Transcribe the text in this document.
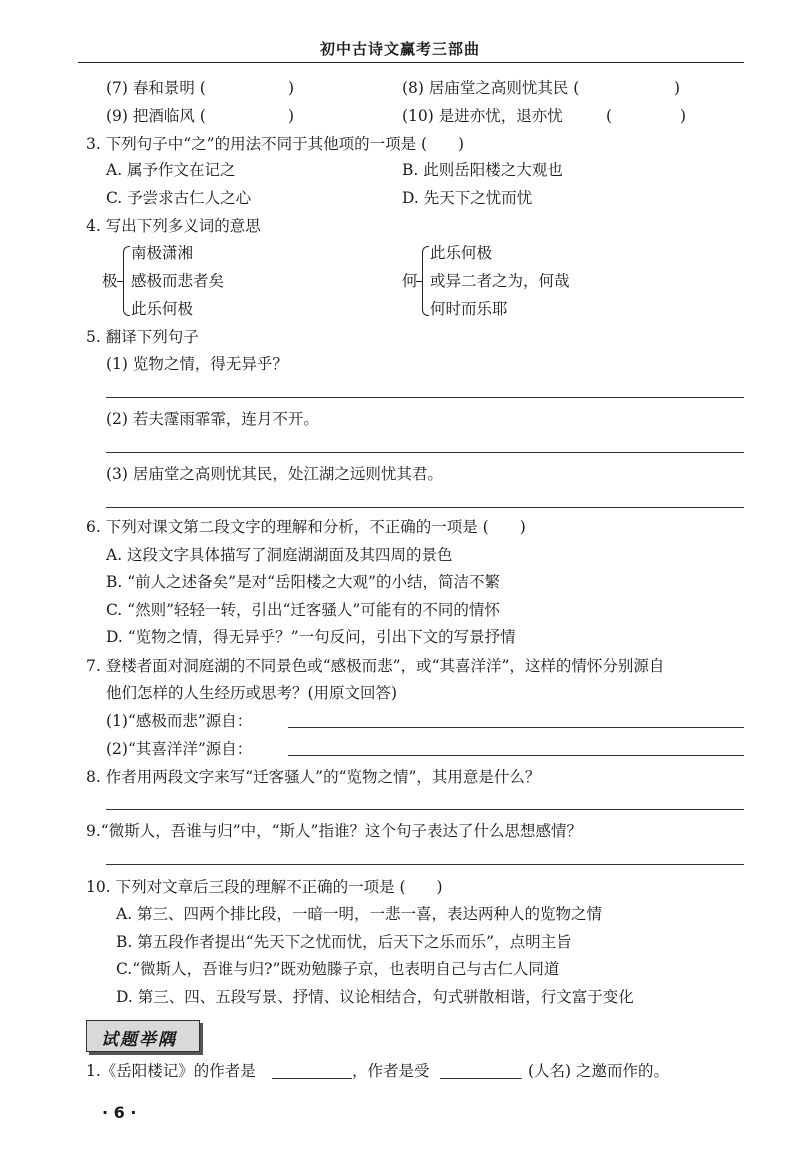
初中古诗文赢考三部曲
(7) 春和景明 (	)	(8) 居庙堂之高则忧其民 (	)
(9) 把酒临风 (	)	(10) 是进亦忧，退亦忧	(	)
3. 下列句子中“之”的用法不同于其他项的一项是 (　　)
A. 属予作文在记之	B. 此则岳阳楼之大观也
C. 予尝求古仁人之心	D. 先天下之忧而忧
4. 写出下列多义词的意思
极
南极潇湘
感极而悲者矣
此乐何极
何
此乐何极
或异二者之为，何哉
何时而乐耶
5. 翻译下列句子
(1) 览物之情，得无异乎？
(2) 若夫霪雨霏霏，连月不开。
(3) 居庙堂之高则忧其民，处江湖之远则忧其君。
6. 下列对课文第二段文字的理解和分析，不正确的一项是 (　　)
A. 这段文字具体描写了洞庭湖湖面及其四周的景色
B. “前人之述备矣”是对“岳阳楼之大观”的小结，简洁不繁
C. “然则”轻轻一转，引出“迁客骚人”可能有的不同的情怀
D. “览物之情，得无异乎？”一句反问，引出下文的写景抒情
7. 登楼者面对洞庭湖的不同景色或“感极而悲”，或“其喜洋洋”，这样的情怀分别源自
他们怎样的人生经历或思考？(用原文回答)
(1)“感极而悲”源自：
(2)“其喜洋洋”源自：
8. 作者用两段文字来写“迁客骚人”的“览物之情”，其用意是什么？
9.“微斯人，吾谁与归”中，“斯人”指谁？这个句子表达了什么思想感情？
10. 下列对文章后三段的理解不正确的一项是 (　　)
A. 第三、四两个排比段，一暗一明，一悲一喜，表达两种人的览物之情
B. 第五段作者提出“先天下之忧而忧，后天下之乐而乐”，点明主旨
C.“微斯人，吾谁与归?”既劝勉滕子京，也表明自己与古仁人同道
D. 第三、四、五段写景、抒情、议论相结合，句式骈散相谐，行文富于变化
试题举隅
1.《岳阳楼记》的作者是	，作者是受	(人名) 之邀而作的。
· 6 ·
